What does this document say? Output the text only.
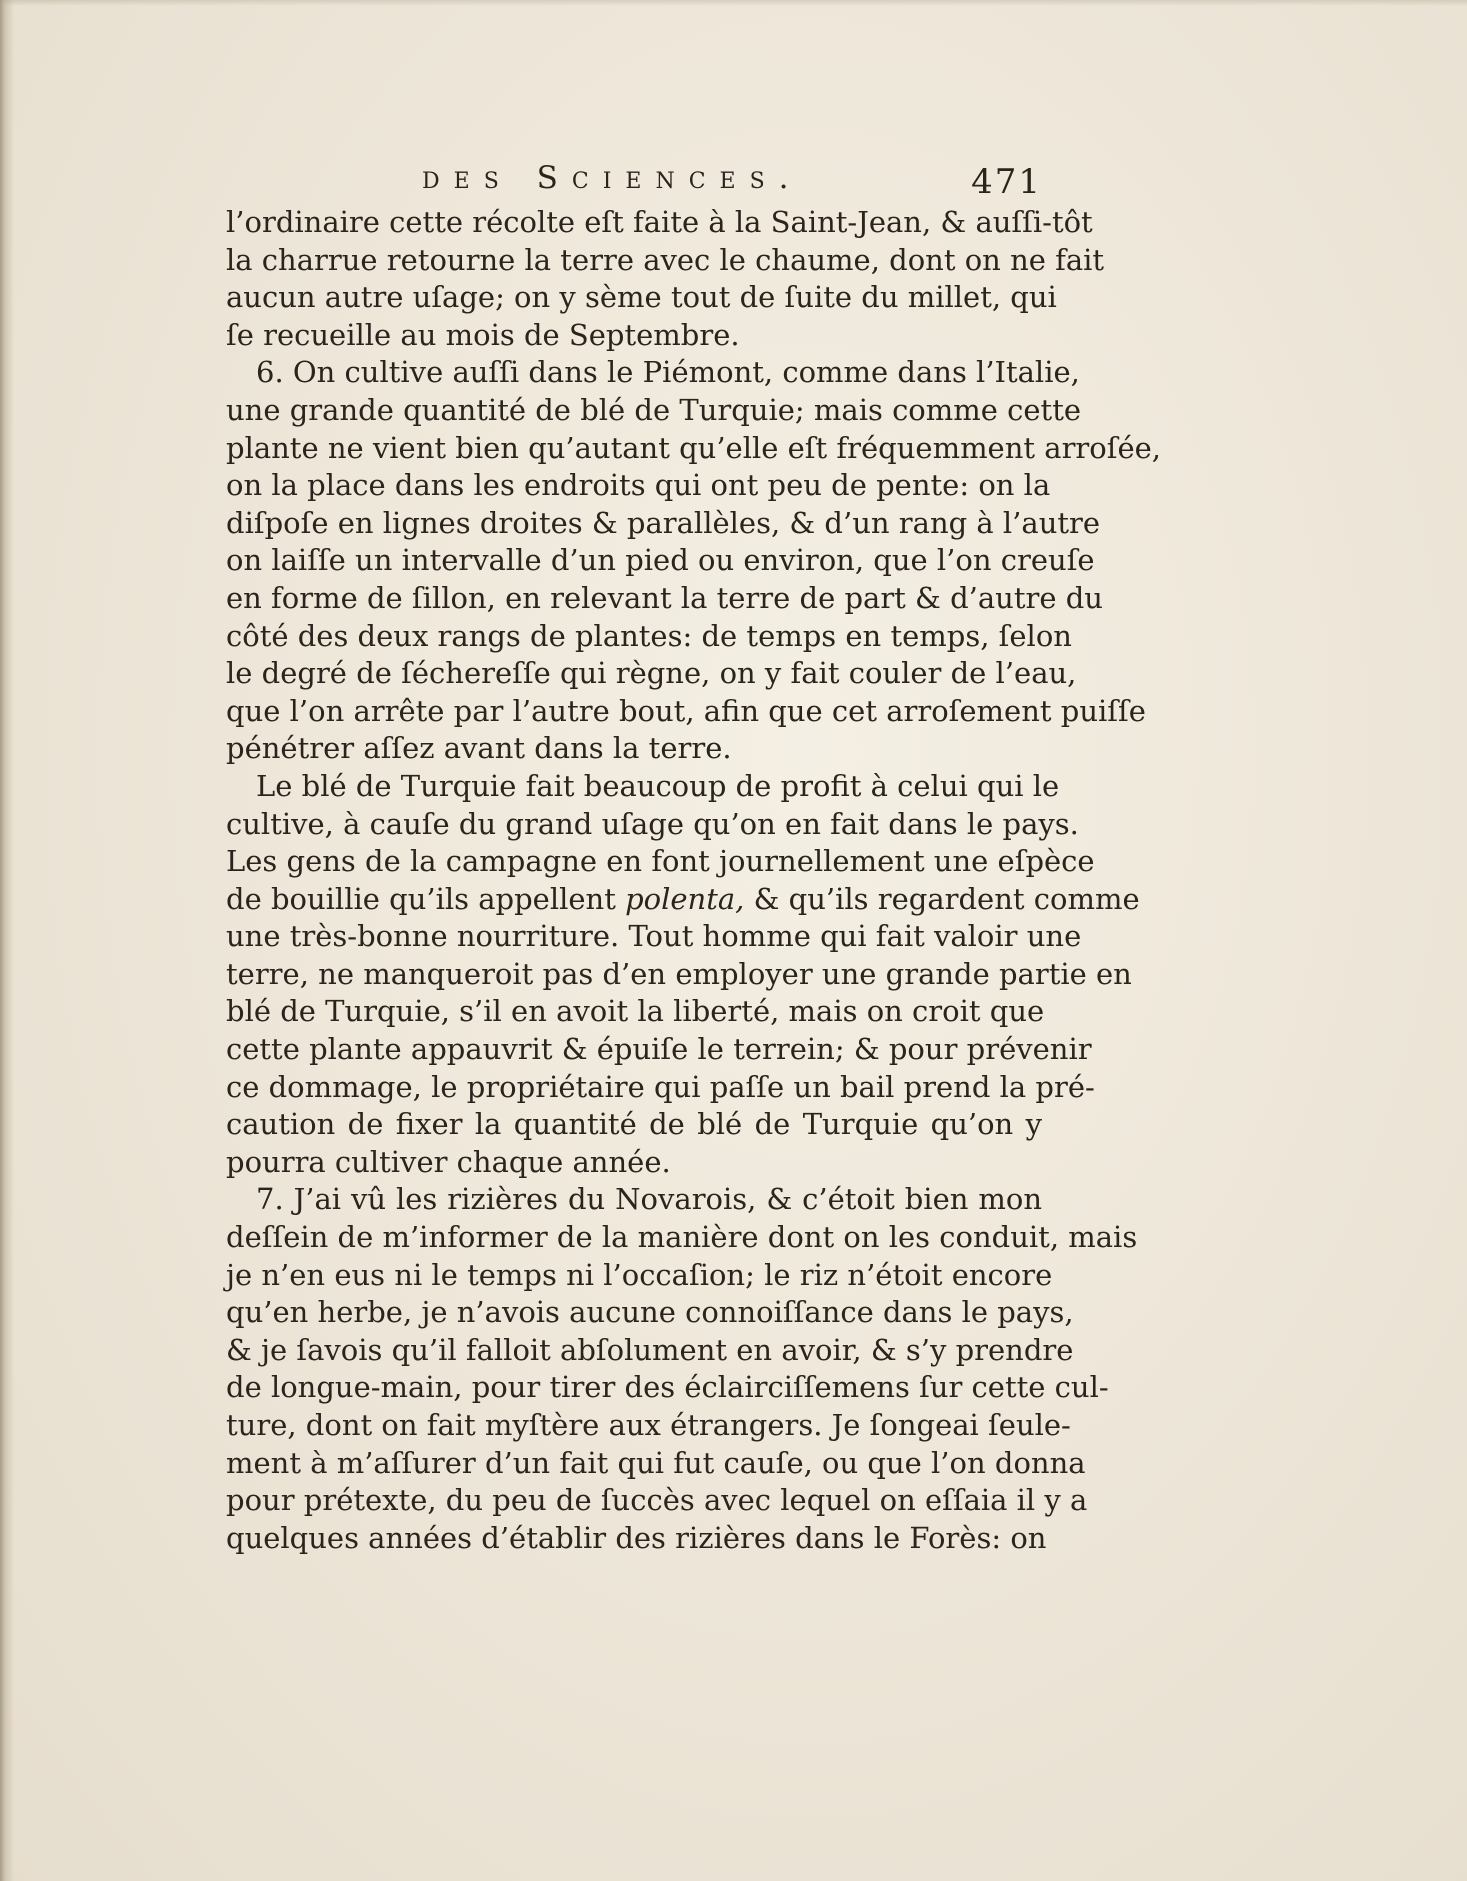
des Sciences.	471
l’ordinaire cette récolte eſt faite à la Saint-Jean, & auſſi-tôt
la charrue retourne la terre avec le chaume, dont on ne fait
aucun autre uſage; on y sème tout de ſuite du millet, qui
ſe recueille au mois de Septembre.
6. On cultive auſſi dans le Piémont, comme dans l’Italie,
une grande quantité de blé de Turquie; mais comme cette
plante ne vient bien qu’autant qu’elle eſt fréquemment arroſée,
on la place dans les endroits qui ont peu de pente: on la
diſpoſe en lignes droites & parallèles, & d’un rang à l’autre
on laiſſe un intervalle d’un pied ou environ, que l’on creuſe
en forme de ſillon, en relevant la terre de part & d’autre du
côté des deux rangs de plantes: de temps en temps, ſelon
le degré de ſéchereſſe qui règne, on y fait couler de l’eau,
que l’on arrête par l’autre bout, afin que cet arroſement puiſſe
pénétrer aſſez avant dans la terre.
Le blé de Turquie fait beaucoup de profit à celui qui le
cultive, à cauſe du grand uſage qu’on en fait dans le pays.
Les gens de la campagne en font journellement une eſpèce
de bouillie qu’ils appellent polenta, & qu’ils regardent comme
une très-bonne nourriture. Tout homme qui fait valoir une
terre, ne manqueroit pas d’en employer une grande partie en
blé de Turquie, s’il en avoit la liberté, mais on croit que
cette plante appauvrit & épuiſe le terrein; & pour prévenir
ce dommage, le propriétaire qui paſſe un bail prend la pré-
caution de fixer la quantité de blé de Turquie qu’on y
pourra cultiver chaque année.
7. J’ai vû les rizières du Novarois, & c’étoit bien mon
deſſein de m’informer de la manière dont on les conduit, mais
je n’en eus ni le temps ni l’occaſion; le riz n’étoit encore
qu’en herbe, je n’avois aucune connoiſſance dans le pays,
& je ſavois qu’il falloit abſolument en avoir, & s’y prendre
de longue-main, pour tirer des éclairciſſemens ſur cette cul-
ture, dont on fait myſtère aux étrangers. Je ſongeai ſeule-
ment à m’aſſurer d’un fait qui fut cauſe, ou que l’on donna
pour prétexte, du peu de ſuccès avec lequel on eſſaia il y a
quelques années d’établir des rizières dans le Forès: on
